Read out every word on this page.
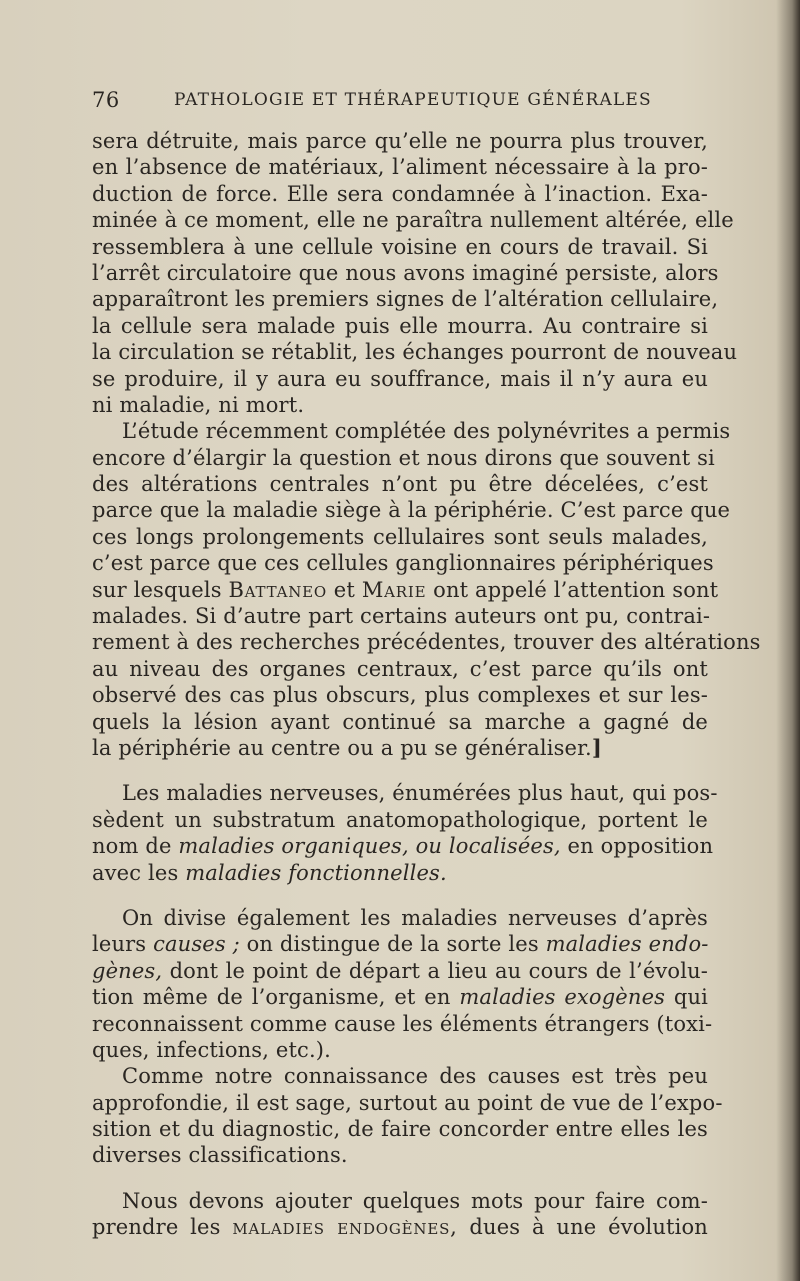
76	PATHOLOGIE ET THÉRAPEUTIQUE GÉNÉRALES
sera détruite, mais parce qu’elle ne pourra plus trouver,
en l’absence de matériaux, l’aliment nécessaire à la pro-
duction de force. Elle sera condamnée à l’inaction. Exa-
minée à ce moment, elle ne paraîtra nullement altérée, elle
ressemblera à une cellule voisine en cours de travail. Si
l’arrêt circulatoire que nous avons imaginé persiste, alors
apparaîtront les premiers signes de l’altération cellulaire,
la cellule sera malade puis elle mourra. Au contraire si
la circulation se rétablit, les échanges pourront de nouveau
se produire, il y aura eu souffrance, mais il n’y aura eu
ni maladie, ni mort.
L’étude récemment complétée des polynévrites a permis
encore d’élargir la question et nous dirons que souvent si
des altérations centrales n’ont pu être décelées, c’est
parce que la maladie siège à la périphérie. C’est parce que
ces longs prolongements cellulaires sont seuls malades,
c’est parce que ces cellules ganglionnaires périphériques
sur lesquels Battaneo et Marie ont appelé l’attention sont
malades. Si d’autre part certains auteurs ont pu, contrai-
rement à des recherches précédentes, trouver des altérations
au niveau des organes centraux, c’est parce qu’ils ont
observé des cas plus obscurs, plus complexes et sur les-
quels la lésion ayant continué sa marche a gagné de
la périphérie au centre ou a pu se généraliser.]
Les maladies nerveuses, énumérées plus haut, qui pos-
sèdent un substratum anatomopathologique, portent le
nom de maladies organiques, ou localisées, en opposition
avec les maladies fonctionnelles.
On divise également les maladies nerveuses d’après
leurs causes ; on distingue de la sorte les maladies endo-
gènes, dont le point de départ a lieu au cours de l’évolu-
tion même de l’organisme, et en maladies exogènes qui
reconnaissent comme cause les éléments étrangers (toxi-
ques, infections, etc.).
Comme notre connaissance des causes est très peu
approfondie, il est sage, surtout au point de vue de l’expo-
sition et du diagnostic, de faire concorder entre elles les
diverses classifications.
Nous devons ajouter quelques mots pour faire com-
prendre les maladies endogènes, dues à une évolution
